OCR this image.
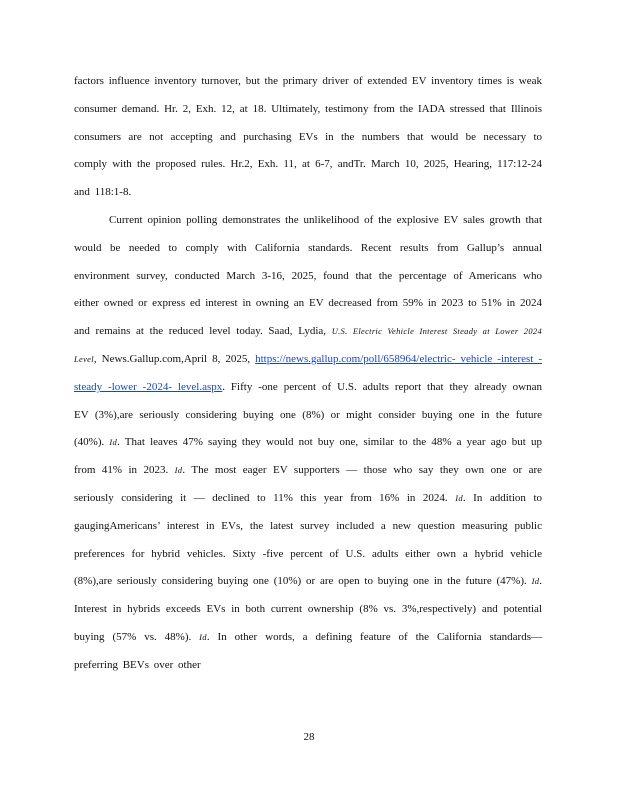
factors influence inventory turnover, but the primary driver of extended EV inventory times is weak consumer demand. Hr. 2, Exh. 12, at 18. Ultimately, testimony from the IADA stressed that Illinois consumers are not accepting and purchasing EVs in the numbers that would be necessary to comply with the proposed rules. Hr.2, Exh. 11, at 6-7, andTr. March 10, 2025, Hearing, 117:12-24 and 118:1-8.

Current opinion polling demonstrates the unlikelihood of the explosive EV sales growth that would be needed to comply with California standards. Recent results from Gallup’s annual environment survey, conducted March 3-16, 2025, found that the percentage of Americans who either owned or express ed interest in owning an EV decreased from 59% in 2023 to 51% in 2024 and remains at the reduced level today. Saad, Lydia, U.S. Electric Vehicle Interest Steady at Lower 2024 Level, News.Gallup.com,April 8, 2025, https://news.gallup.com/poll/658964/electric- vehicle -interest -steady -lower -2024- level.aspx. Fifty -one percent of U.S. adults report that they already ownan EV (3%),are seriously considering buying one (8%) or might consider buying one in the future (40%). Id. That leaves 47% saying they would not buy one, similar to the 48% a year ago but up from 41% in 2023. Id. The most eager EV supporters — those who say they own one or are seriously considering it — declined to 11% this year from 16% in 2024. Id. In addition to gaugingAmericans’ interest in EVs, the latest survey included a new question measuring public preferences for hybrid vehicles. Sixty -five percent of U.S. adults either own a hybrid vehicle (8%),are seriously considering buying one (10%) or are open to buying one in the future (47%). Id. Interest in hybrids exceeds EVs in both current ownership (8% vs. 3%,respectively) and potential buying (57% vs. 48%). Id. In other words, a defining feature of the California standards— preferring BEVs over other

28
